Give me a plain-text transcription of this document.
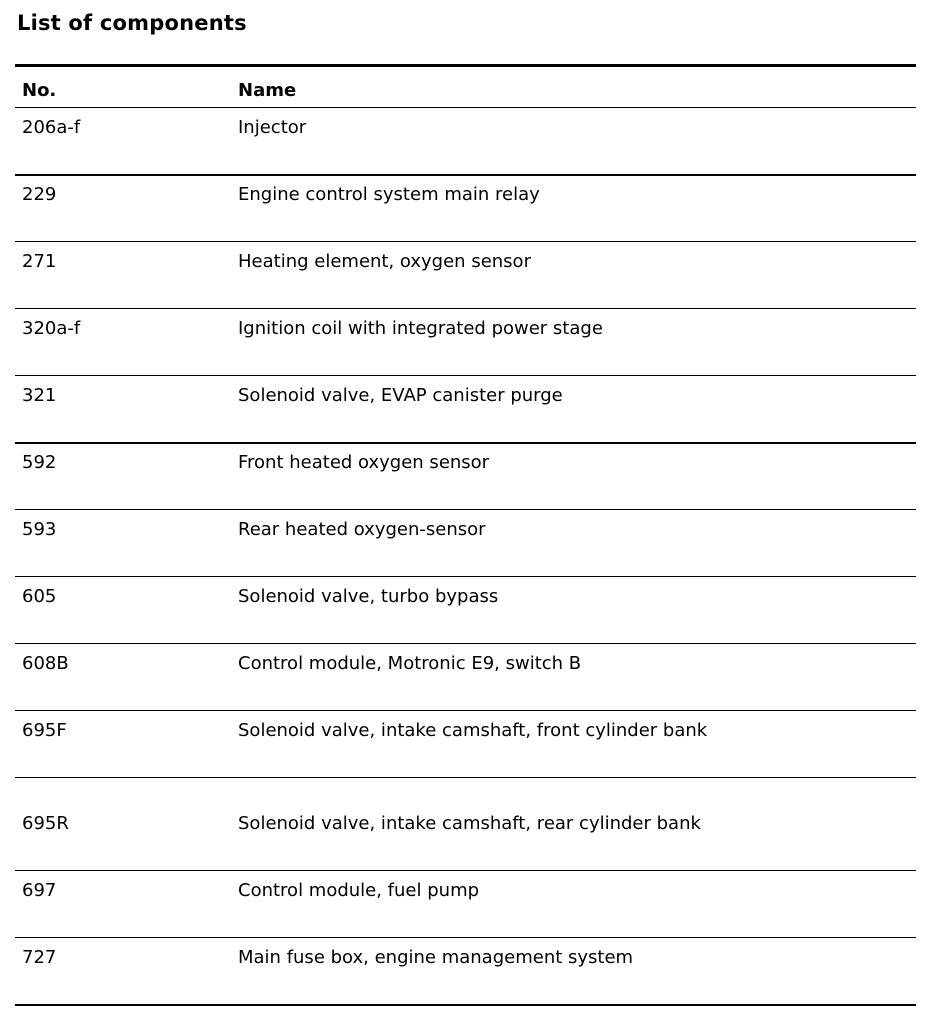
List of components
No.	Name
206a-f	Injector
229	Engine control system main relay
271	Heating element, oxygen sensor
320a-f	Ignition coil with integrated power stage
321	Solenoid valve, EVAP canister purge
592	Front heated oxygen sensor
593	Rear heated oxygen-sensor
605	Solenoid valve, turbo bypass
608B	Control module, Motronic E9, switch B
695F	Solenoid valve, intake camshaft, front cylinder bank
695R	Solenoid valve, intake camshaft, rear cylinder bank
697	Control module, fuel pump
727	Main fuse box, engine management system
